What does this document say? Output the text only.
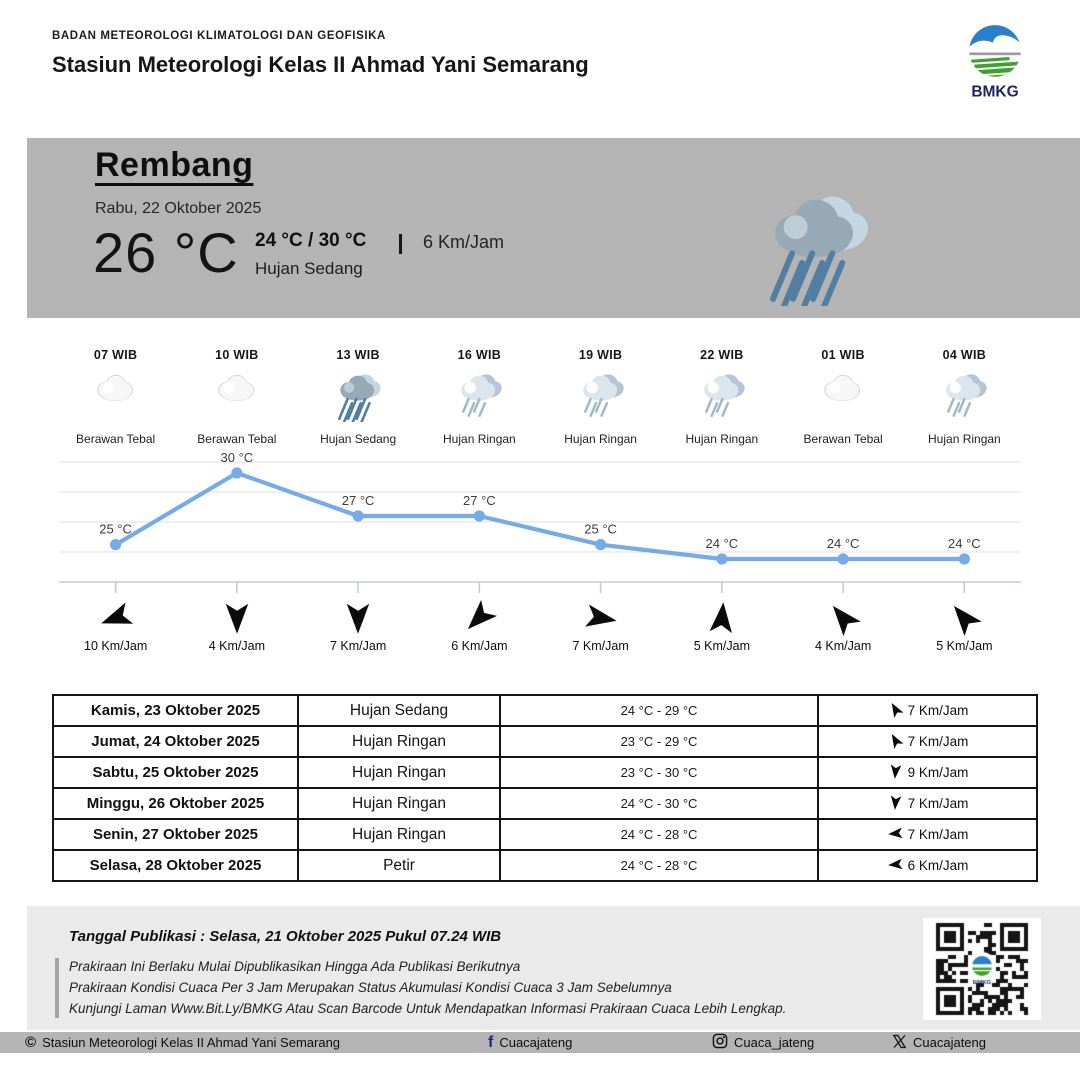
BADAN METEOROLOGI KLIMATOLOGI DAN GEOFISIKA
Stasiun Meteorologi Kelas II Ahmad Yani Semarang
BMKG
Rembang
Rabu, 22 Oktober 2025
26 °C 24 °C / 30 °C
Hujan Sedang
6 Km/Jam
07 WIB
Berawan Tebal
10 WIB
Berawan Tebal
13 WIB
Hujan Sedang
16 WIB
Hujan Ringan
19 WIB
Hujan Ringan
22 WIB
Hujan Ringan
01 WIB
Berawan Tebal
04 WIB
Hujan Ringan
25 °C
30 °C
27 °C	27 °C
25 °C
24 °C	24 °C	24 °C
10 Km/Jam	4 Km/Jam	7 Km/Jam	6 Km/Jam	7 Km/Jam	5 Km/Jam	4 Km/Jam	5 Km/Jam
Kamis, 23 Oktober 2025	Hujan Sedang	24 °C - 29 °C	7 Km/Jam

Jumat, 24 Oktober 2025	Hujan Ringan	23 °C - 29 °C	7 Km/Jam

Sabtu, 25 Oktober 2025	Hujan Ringan	23 °C - 30 °C	9 Km/Jam

Minggu, 26 Oktober 2025	Hujan Ringan	24 °C - 30 °C	7 Km/Jam

Senin, 27 Oktober 2025	Hujan Ringan	24 °C - 28 °C	7 Km/Jam

Selasa, 28 Oktober 2025	Petir	24 °C - 28 °C	6 Km/Jam
Tanggal Publikasi : Selasa, 21 Oktober 2025 Pukul 07.24 WIB
Prakiraan Ini Berlaku Mulai Dipublikasikan Hingga Ada Publikasi Berikutnya
Prakiraan Kondisi Cuaca Per 3 Jam Merupakan Status Akumulasi Kondisi Cuaca 3 Jam Sebelumnya
Kunjungi Laman Www.Bit.Ly/BMKG Atau Scan Barcode Untuk Mendapatkan Informasi Prakiraan Cuaca Lebih Lengkap.
© Stasiun Meteorologi Kelas II Ahmad Yani Semarang	f Cuacajateng	Cuaca_jateng	Cuacajateng
